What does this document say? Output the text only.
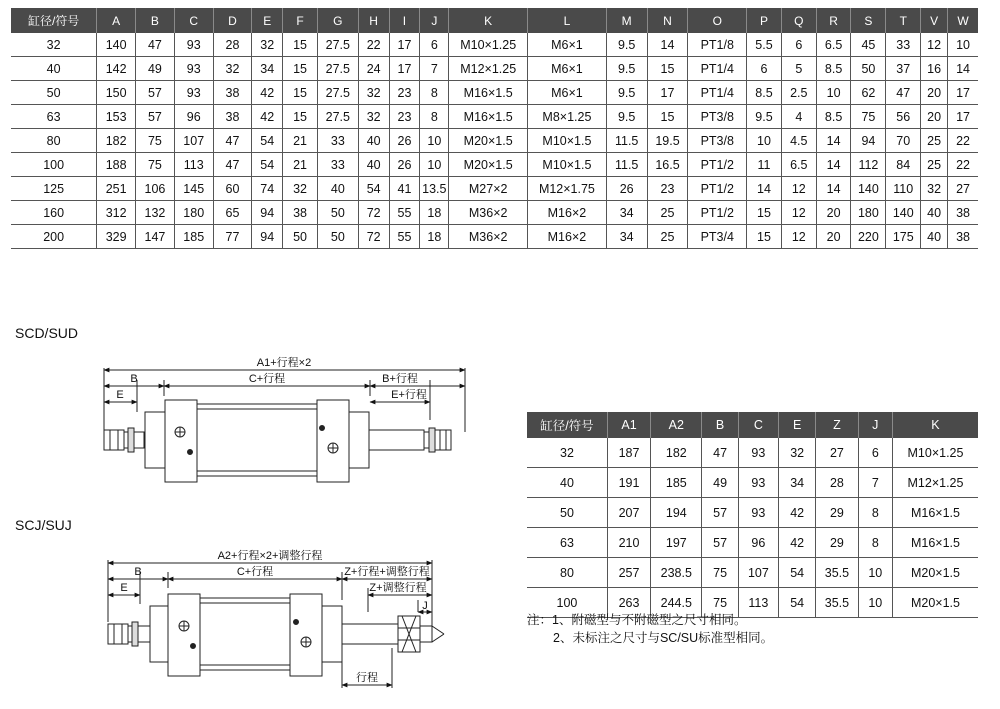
缸径/符号	A	B	C	D	E	F	G	H	I	J	K	L	M	N	O	P	Q	R	S	T	V	W
32	140	47	93	28	32	15	27.5	22	17	6	M10×1.25	M6×1	9.5	14	PT1/8	5.5	6	6.5	45	33	12	10
40	142	49	93	32	34	15	27.5	24	17	7	M12×1.25	M6×1	9.5	15	PT1/4	6	5	8.5	50	37	16	14
50	150	57	93	38	42	15	27.5	32	23	8	M16×1.5	M6×1	9.5	17	PT1/4	8.5	2.5	10	62	47	20	17
63	153	57	96	38	42	15	27.5	32	23	8	M16×1.5	M8×1.25	9.5	15	PT3/8	9.5	4	8.5	75	56	20	17
80	182	75	107	47	54	21	33	40	26	10	M20×1.5	M10×1.5	11.5	19.5	PT3/8	10	4.5	14	94	70	25	22
100	188	75	113	47	54	21	33	40	26	10	M20×1.5	M10×1.5	11.5	16.5	PT1/2	11	6.5	14	112	84	25	22
125	251	106	145	60	74	32	40	54	41	13.5	M27×2	M12×1.75	26	23	PT1/2	14	12	14	140	110	32	27
160	312	132	180	65	94	38	50	72	55	18	M36×2	M16×2	34	25	PT1/2	15	12	20	180	140	40	38
200	329	147	185	77	94	50	50	72	55	18	M36×2	M16×2	34	25	PT3/4	15	12	20	220	175	40	38
SCD/SUD
SCJ/SUJ
A1+行程×2
B	C+行程	B+行程
E	E+行程
A2+行程×2+调整行程
B	C+行程	Z+行程+调整行程
E	Z+调整行程
J
行程
缸径/符号	A1	A2	B	C	E	Z	J	K
32	187	182	47	93	32	27	6	M10×1.25
40	191	185	49	93	34	28	7	M12×1.25
50	207	194	57	93	42	29	8	M16×1.5
63	210	197	57	96	42	29	8	M16×1.5
80	257	238.5	75	107	54	35.5	10	M20×1.5
100	263	244.5	75	113	54	35.5	10	M20×1.5
注：1、附磁型与不附磁型之尺寸相同。
2、未标注之尺寸与SC/SU标准型相同。
